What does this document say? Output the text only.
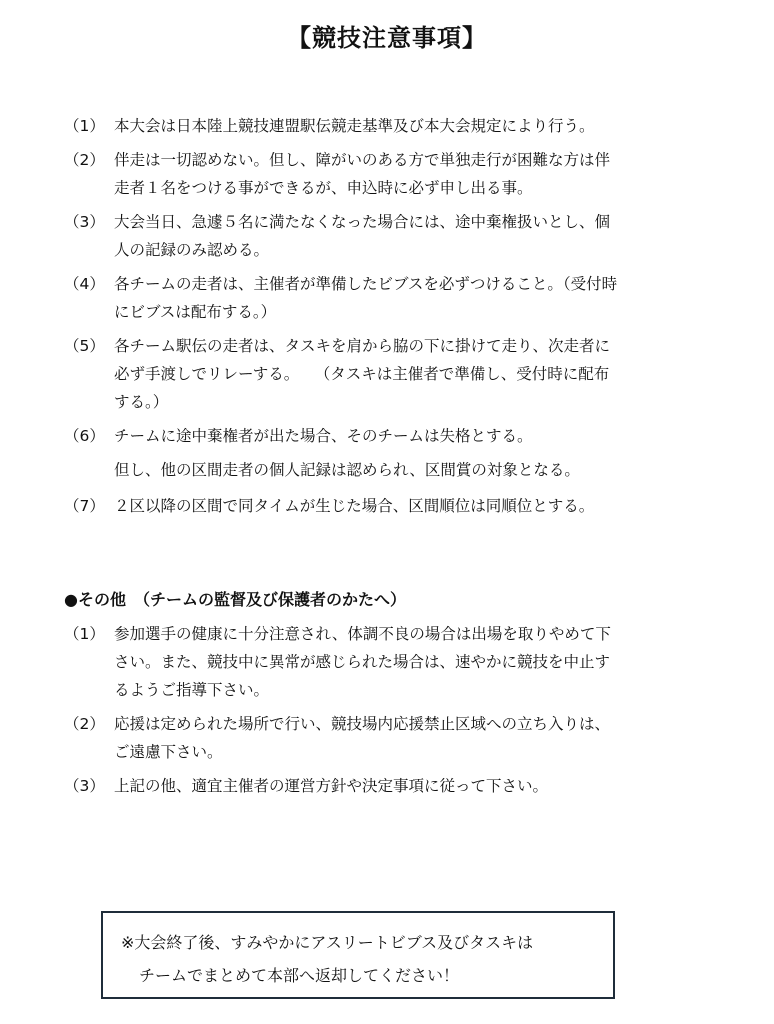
【競技注意事項】
（1） 本大会は日本陸上競技連盟駅伝競走基準及び本大会規定により行う。
（2） 伴走は一切認めない。但し、障がいのある方で単独走行が困難な方は伴
走者１名をつける事ができるが、申込時に必ず申し出る事。
（3） 大会当日、急遽５名に満たなくなった場合には、途中棄権扱いとし、個
人の記録のみ認める。
（4） 各チームの走者は、主催者が準備したビブスを必ずつけること。（受付時
にビブスは配布する。）
（5） 各チーム駅伝の走者は、タスキを肩から脇の下に掛けて走り、次走者に
必ず手渡しでリレーする。　　（タスキは主催者で準備し、受付時に配布
する。）
（6） チームに途中棄権者が出た場合、そのチームは失格とする。
但し、他の区間走者の個人記録は認められ、区間賞の対象となる。
（7） ２区以降の区間で同タイムが生じた場合、区間順位は同順位とする。
●その他　（チームの監督及び保護者のかたへ）
（1） 参加選手の健康に十分注意され、体調不良の場合は出場を取りやめて下
さい。また、競技中に異常が感じられた場合は、速やかに競技を中止す
るようご指導下さい。
（2） 応援は定められた場所で行い、競技場内応援禁止区域への立ち入りは、
ご遠慮下さい。
（3） 上記の他、適宜主催者の運営方針や決定事項に従って下さい。
※大会終了後、すみやかにアスリートビブス及びタスキは
チームでまとめて本部へ返却してください！
